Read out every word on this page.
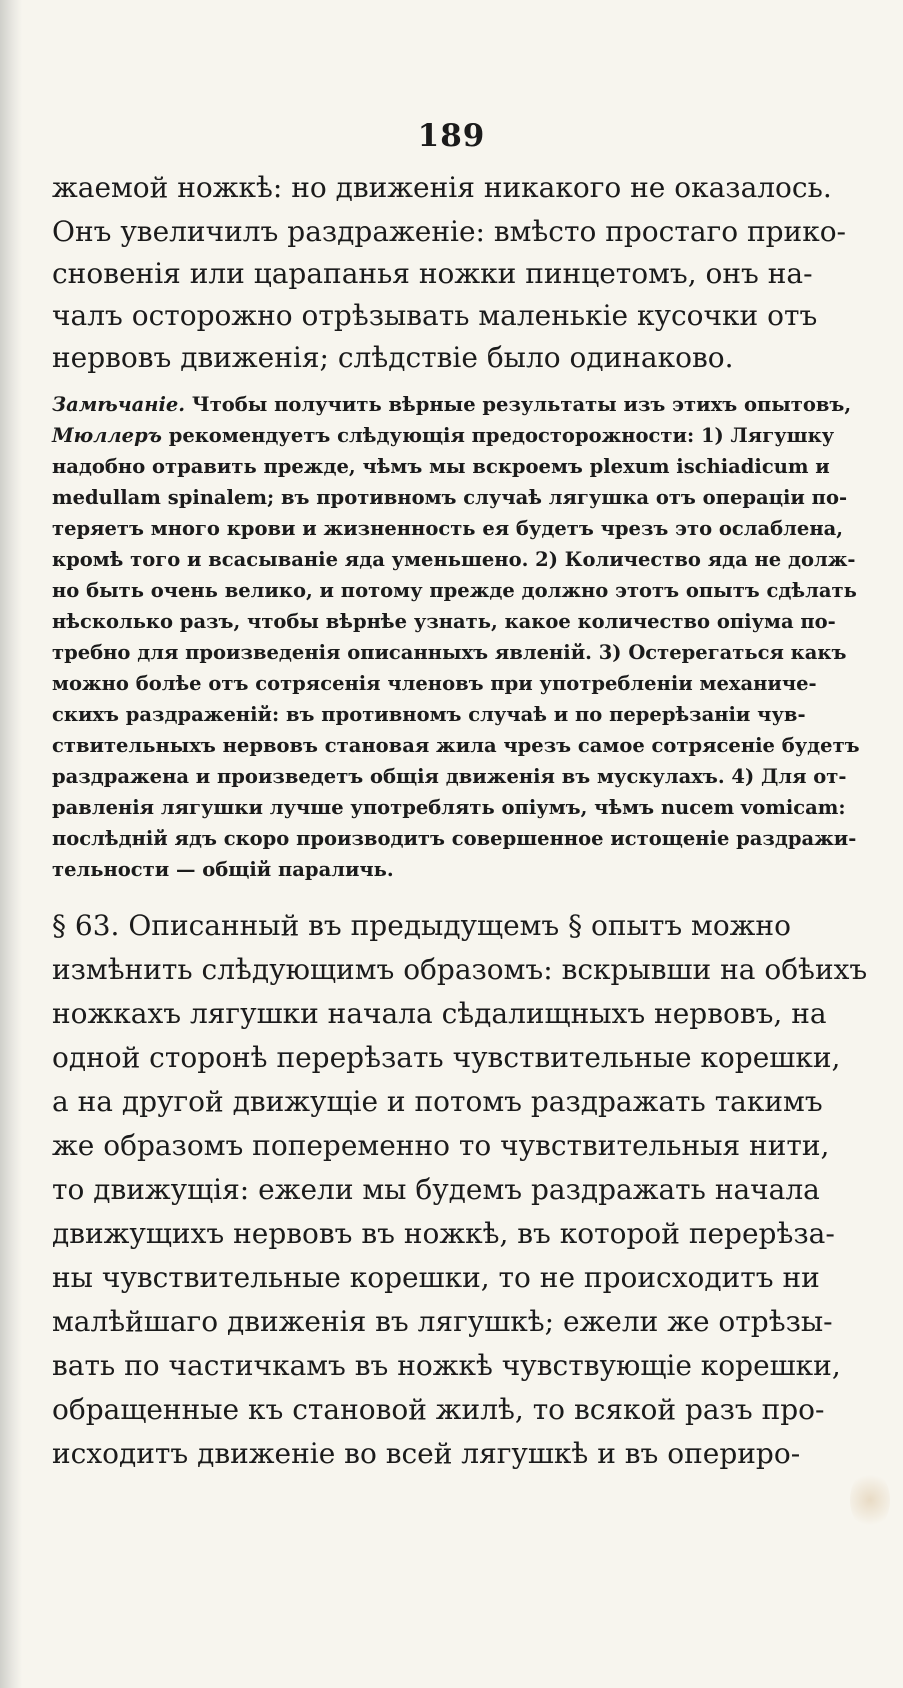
189
жаемой ножкѣ: но движенія никакого не оказалось.
Онъ увеличилъ раздраженіе: вмѣсто простаго прико-
сновенія или царапанья ножки пинцетомъ, онъ на-
чалъ осторожно отрѣзывать маленькіе кусочки отъ
нервовъ движенія; слѣдствіе было одинаково.
Замѣчаніе. Чтобы получить вѣрные результаты изъ этихъ опытовъ,
Мюллеръ рекомендуетъ слѣдующія предосторожности: 1) Лягушку
надобно отравить прежде, чѣмъ мы вскроемъ plexum ischiadicum и
medullam spinalem; въ противномъ случаѣ лягушка отъ операціи по-
теряетъ много крови и жизненность ея будетъ чрезъ это ослаблена,
кромѣ того и всасываніе яда уменьшено. 2) Количество яда не долж-
но быть очень велико, и потому прежде должно этотъ опытъ сдѣлать
нѣсколько разъ, чтобы вѣрнѣе узнать, какое количество опіума по-
требно для произведенія описанныхъ явленій. 3) Остерегаться какъ
можно болѣе отъ сотрясенія членовъ при употребленіи механиче-
скихъ раздраженій: въ противномъ случаѣ и по перерѣзаніи чув-
ствительныхъ нервовъ становая жила чрезъ самое сотрясеніе будетъ
раздражена и произведетъ общія движенія въ мускулахъ. 4) Для от-
равленія лягушки лучше употреблять опіумъ, чѣмъ nucem vomicam:
послѣдній ядъ скоро производитъ совершенное истощеніе раздражи-
тельности — общій параличь.
§ 63. Описанный въ предыдущемъ § опытъ можно
измѣнить слѣдующимъ образомъ: вскрывши на обѣихъ
ножкахъ лягушки начала сѣдалищныхъ нервовъ, на
одной сторонѣ перерѣзать чувствительные корешки,
а на другой движущіе и потомъ раздражать такимъ
же образомъ попеременно то чувствительныя нити,
то движущія: ежели мы будемъ раздражать начала
движущихъ нервовъ въ ножкѣ, въ которой перерѣза-
ны чувствительные корешки, то не происходитъ ни
малѣйшаго движенія въ лягушкѣ; ежели же отрѣзы-
вать по частичкамъ въ ножкѣ чувствующіе корешки,
обращенные къ становой жилѣ, то всякой разъ про-
исходитъ движеніе во всей лягушкѣ и въ опериро-
